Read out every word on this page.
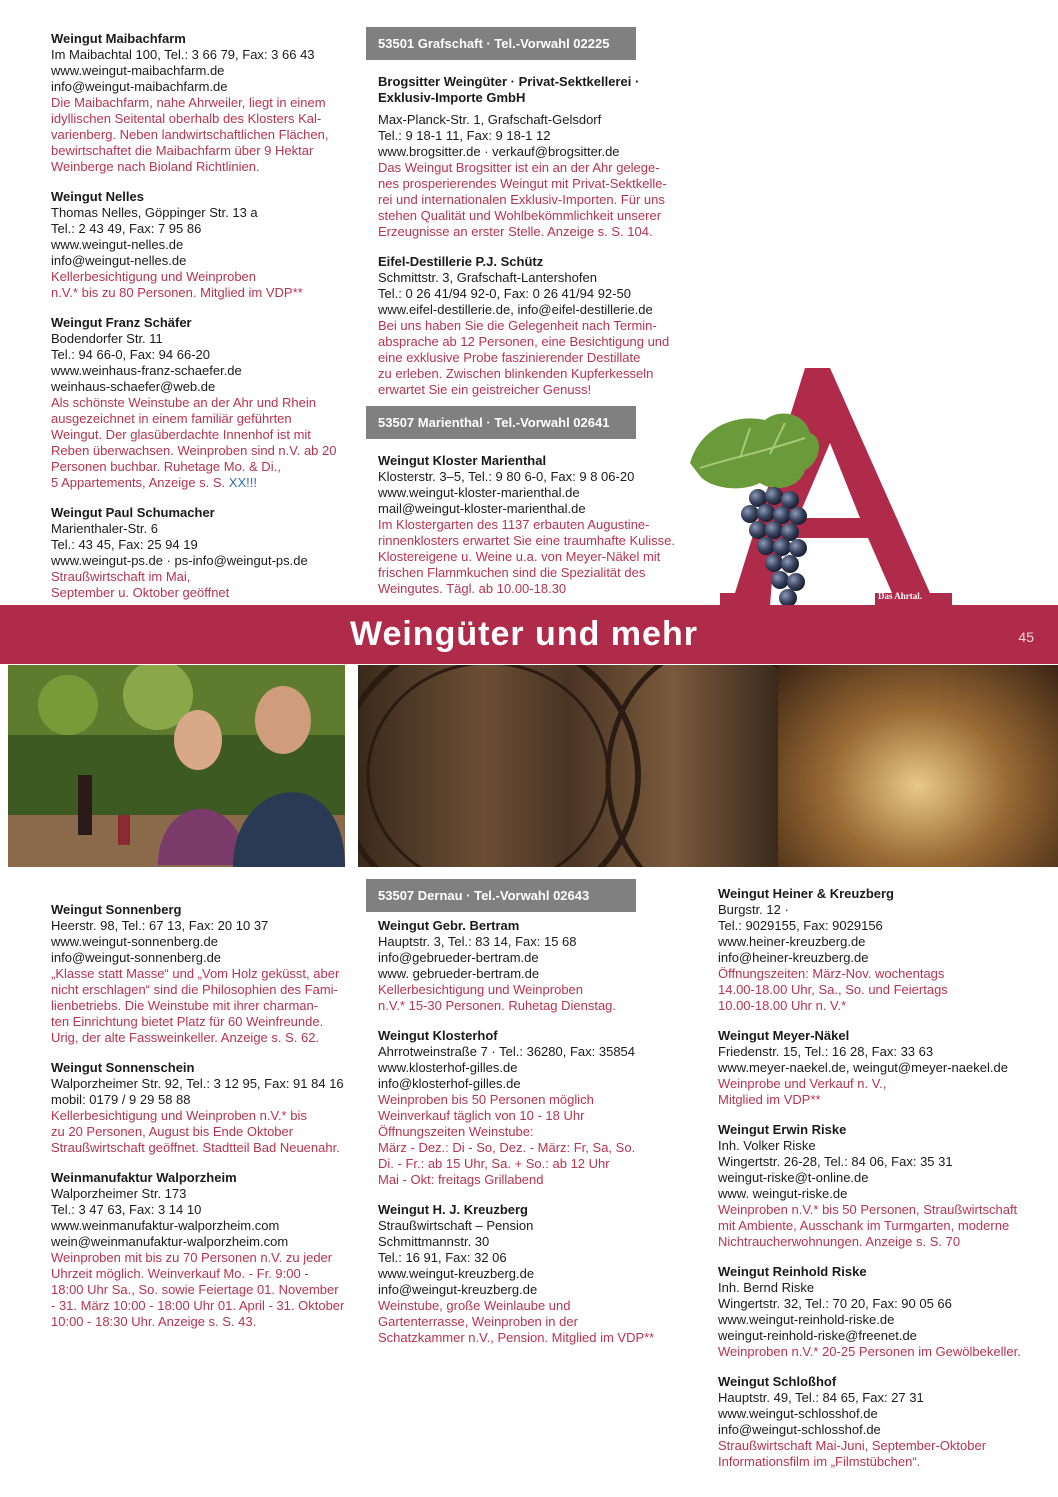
Weingut Maibachfarm
Im Maibachtal 100, Tel.: 3 66 79, Fax: 3 66 43
www.weingut-maibachfarm.de
info@weingut-maibachfarm.de
Die Maibachfarm, nahe Ahrweiler, liegt in einem
idyllischen Seitental oberhalb des Klosters Kal-
varienberg. Neben landwirtschaftlichen Flächen,
bewirtschaftet die Maibachfarm über 9 Hektar
Weinberge nach Bioland Richtlinien.
Weingut Nelles
Thomas Nelles, Göppinger Str. 13 a
Tel.: 2 43 49, Fax: 7 95 86
www.weingut-nelles.de
info@weingut-nelles.de
Kellerbesichtigung und Weinproben
n.V.* bis zu 80 Personen. Mitglied im VDP**
Weingut Franz Schäfer
Bodendorfer Str. 11
Tel.: 94 66-0, Fax: 94 66-20
www.weinhaus-franz-schaefer.de
weinhaus-schaefer@web.de
Als schönste Weinstube an der Ahr und Rhein
ausgezeichnet in einem familiär geführten
Weingut. Der glasüberdachte Innenhof ist mit
Reben überwachsen. Weinproben sind n.V. ab 20
Personen buchbar. Ruhetage Mo. & Di.,
5 Appartements, Anzeige s. S. XX!!!
Weingut Paul Schumacher
Marienthaler-Str. 6
Tel.: 43 45, Fax: 25 94 19
www.weingut-ps.de · ps-info@weingut-ps.de
Straußwirtschaft im Mai,
September u. Oktober geöffnet
53501 Grafschaft · Tel.-Vorwahl 02225
Brogsitter Weingüter · Privat-Sektkellerei ·
Exklusiv-Importe GmbH
Max-Planck-Str. 1, Grafschaft-Gelsdorf
Tel.: 9 18-1 11, Fax: 9 18-1 12
www.brogsitter.de · verkauf@brogsitter.de
Das Weingut Brogsitter ist ein an der Ahr gelege-
nes prosperierendes Weingut mit Privat-Sektkelle-
rei und internationalen Exklusiv-Importen. Für uns
stehen Qualität und Wohlbekömmlichkeit unserer
Erzeugnisse an erster Stelle. Anzeige s. S. 104.
Eifel-Destillerie P.J. Schütz
Schmittstr. 3, Grafschaft-Lantershofen
Tel.: 0 26 41/94 92-0, Fax: 0 26 41/94 92-50
www.eifel-destillerie.de, info@eifel-destillerie.de
Bei uns haben Sie die Gelegenheit nach Termin-
absprache ab 12 Personen, eine Besichtigung und
eine exklusive Probe faszinierender Destillate
zu erleben. Zwischen blinkenden Kupferkesseln
erwartet Sie ein geistreicher Genuss!
53507 Marienthal · Tel.-Vorwahl 02641
Weingut Kloster Marienthal
Klosterstr. 3–5, Tel.: 9 80 6-0, Fax: 9 8 06-20
www.weingut-kloster-marienthal.de
mail@weingut-kloster-marienthal.de
Im Klostergarten des 1137 erbauten Augustine-
rinnenklosters erwartet Sie eine traumhafte Kulisse.
Klostereigene u. Weine u.a. von Meyer-Näkel mit
frischen Flammkuchen sind die Spezialität des
Weingutes. Tägl. ab 10.00-18.30	Das Ahrtal.
Weingüter und mehr	45
Weingut Sonnenberg
Heerstr. 98, Tel.: 67 13, Fax: 20 10 37
www.weingut-sonnenberg.de
info@weingut-sonnenberg.de
„Klasse statt Masse“ und „Vom Holz geküsst, aber
nicht erschlagen“ sind die Philosophien des Fami-
lienbetriebs. Die Weinstube mit ihrer charman-
ten Einrichtung bietet Platz für 60 Weinfreunde.
Urig, der alte Fassweinkeller. Anzeige s. S. 62.
Weingut Sonnenschein
Walporzheimer Str. 92, Tel.: 3 12 95, Fax: 91 84 16
mobil: 0179 / 9 29 58 88
Kellerbesichtigung und Weinproben n.V.* bis
zu 20 Personen, August bis Ende Oktober
Straußwirtschaft geöffnet. Stadtteil Bad Neuenahr.
Weinmanufaktur Walporzheim
Walporzheimer Str. 173
Tel.: 3 47 63, Fax: 3 14 10
www.weinmanufaktur-walporzheim.com
wein@weinmanufaktur-walporzheim.com
Weinproben mit bis zu 70 Personen n.V. zu jeder
Uhrzeit möglich. Weinverkauf Mo. - Fr. 9:00 -
18:00 Uhr Sa., So. sowie Feiertage 01. November
- 31. März 10:00 - 18:00 Uhr 01. April - 31. Oktober
10:00 - 18:30 Uhr. Anzeige s. S. 43.
53507 Dernau · Tel.-Vorwahl 02643
Weingut Gebr. Bertram
Hauptstr. 3, Tel.: 83 14, Fax: 15 68
info@gebrueder-bertram.de
www. gebrueder-bertram.de
Kellerbesichtigung und Weinproben
n.V.* 15-30 Personen. Ruhetag Dienstag.
Weingut Klosterhof
Ahrrotweinstraße 7 · Tel.: 36280, Fax: 35854
www.klosterhof-gilles.de
info@klosterhof-gilles.de
Weinproben bis 50 Personen möglich
Weinverkauf täglich von 10 - 18 Uhr
Öffnungszeiten Weinstube:
März - Dez.: Di - So, Dez. - März: Fr, Sa, So.
Di. - Fr.: ab 15 Uhr, Sa. + So.: ab 12 Uhr
Mai - Okt: freitags Grillabend
Weingut H. J. Kreuzberg
Straußwirtschaft – Pension
Schmittmannstr. 30
Tel.: 16 91, Fax: 32 06
www.weingut-kreuzberg.de
info@weingut-kreuzberg.de
Weinstube, große Weinlaube und
Gartenterrasse, Weinproben in der
Schatzkammer n.V., Pension. Mitglied im VDP**
Weingut Heiner & Kreuzberg
Burgstr. 12 ·
Tel.: 9029155, Fax: 9029156
www.heiner-kreuzberg.de
info@heiner-kreuzberg.de
Öffnungszeiten: März-Nov. wochentags
14.00-18.00 Uhr, Sa., So. und Feiertags
10.00-18.00 Uhr n. V.*
Weingut Meyer-Näkel
Friedenstr. 15, Tel.: 16 28, Fax: 33 63
www.meyer-naekel.de, weingut@meyer-naekel.de
Weinprobe und Verkauf n. V.,
Mitglied im VDP**
Weingut Erwin Riske
Inh. Volker Riske
Wingertstr. 26-28, Tel.: 84 06, Fax: 35 31
weingut-riske@t-online.de
www. weingut-riske.de
Weinproben n.V.* bis 50 Personen, Straußwirtschaft
mit Ambiente, Ausschank im Turmgarten, moderne
Nichtraucherwohnungen. Anzeige s. S. 70
Weingut Reinhold Riske
Inh. Bernd Riske
Wingertstr. 32, Tel.: 70 20, Fax: 90 05 66
www.weingut-reinhold-riske.de
weingut-reinhold-riske@freenet.de
Weinproben n.V.* 20-25 Personen im Gewölbekeller.
Weingut Schloßhof
Hauptstr. 49, Tel.: 84 65, Fax: 27 31
www.weingut-schlosshof.de
info@weingut-schlosshof.de
Straußwirtschaft Mai-Juni, September-Oktober
Informationsfilm im „Filmstübchen“.
